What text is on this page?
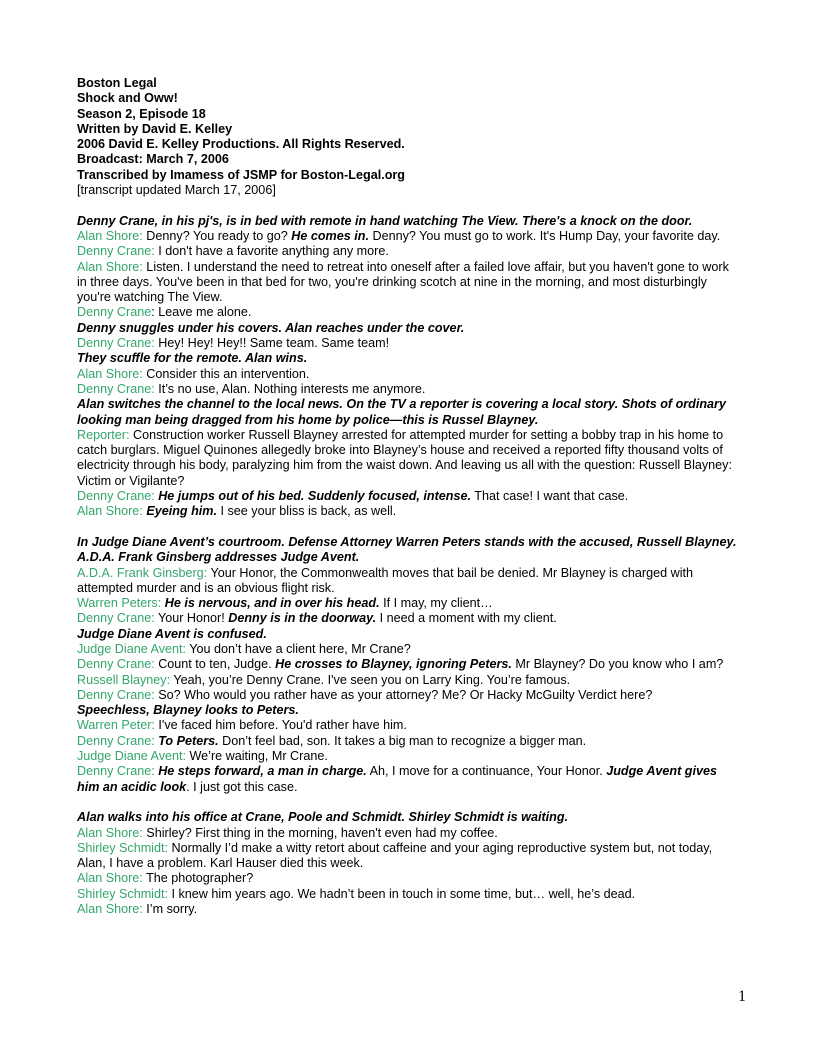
Boston Legal
Shock and Oww!
Season 2, Episode 18
Written by David E. Kelley
2006 David E. Kelley Productions. All Rights Reserved.
Broadcast: March 7, 2006
Transcribed by Imamess of JSMP for Boston-Legal.org
[transcript updated March 17, 2006]
Denny Crane, in his pj's, is in bed with remote in hand watching The View. There's a knock on the door.
Alan Shore: Denny? You ready to go? He comes in. Denny? You must go to work. It's Hump Day, your favorite day.
Denny Crane: I don't have a favorite anything any more.
Alan Shore: Listen. I understand the need to retreat into oneself after a failed love affair, but you haven't gone to work in three days. You've been in that bed for two, you're drinking scotch at nine in the morning, and most disturbingly you're watching The View.
Denny Crane: Leave me alone.
Denny snuggles under his covers. Alan reaches under the cover.
Denny Crane: Hey! Hey! Hey!! Same team. Same team!
They scuffle for the remote. Alan wins.
Alan Shore: Consider this an intervention.
Denny Crane: It’s no use, Alan. Nothing interests me anymore.
Alan switches the channel to the local news. On the TV a reporter is covering a local story. Shots of ordinary looking man being dragged from his home by police—this is Russel Blayney.
Reporter: Construction worker Russell Blayney arrested for attempted murder for setting a bobby trap in his home to catch burglars. Miguel Quinones allegedly broke into Blayney’s house and received a reported fifty thousand volts of electricity through his body, paralyzing him from the waist down. And leaving us all with the question: Russell Blayney: Victim or Vigilante?
Denny Crane: He jumps out of his bed. Suddenly focused, intense. That case! I want that case.
Alan Shore: Eyeing him. I see your bliss is back, as well.
In Judge Diane Avent’s courtroom. Defense Attorney Warren Peters stands with the accused, Russell Blayney. A.D.A. Frank Ginsberg addresses Judge Avent.
A.D.A. Frank Ginsberg: Your Honor, the Commonwealth moves that bail be denied. Mr Blayney is charged with attempted murder and is an obvious flight risk.
Warren Peters: He is nervous, and in over his head. If I may, my client…
Denny Crane: Your Honor! Denny is in the doorway. I need a moment with my client.
Judge Diane Avent is confused.
Judge Diane Avent: You don’t have a client here, Mr Crane?
Denny Crane: Count to ten, Judge. He crosses to Blayney, ignoring Peters. Mr Blayney? Do you know who I am?
Russell Blayney: Yeah, you’re Denny Crane. I've seen you on Larry King. You’re famous.
Denny Crane: So? Who would you rather have as your attorney? Me? Or Hacky McGuilty Verdict here?
Speechless, Blayney looks to Peters.
Warren Peter: I've faced him before. You'd rather have him.
Denny Crane: To Peters. Don’t feel bad, son. It takes a big man to recognize a bigger man.
Judge Diane Avent: We’re waiting, Mr Crane.
Denny Crane: He steps forward, a man in charge. Ah, I move for a continuance, Your Honor. Judge Avent gives him an acidic look. I just got this case.
Alan walks into his office at Crane, Poole and Schmidt. Shirley Schmidt is waiting.
Alan Shore: Shirley? First thing in the morning, haven't even had my coffee.
Shirley Schmidt: Normally I’d make a witty retort about caffeine and your aging reproductive system but, not today, Alan, I have a problem. Karl Hauser died this week.
Alan Shore: The photographer?
Shirley Schmidt: I knew him years ago. We hadn’t been in touch in some time, but… well, he’s dead.
Alan Shore: I’m sorry.
1
